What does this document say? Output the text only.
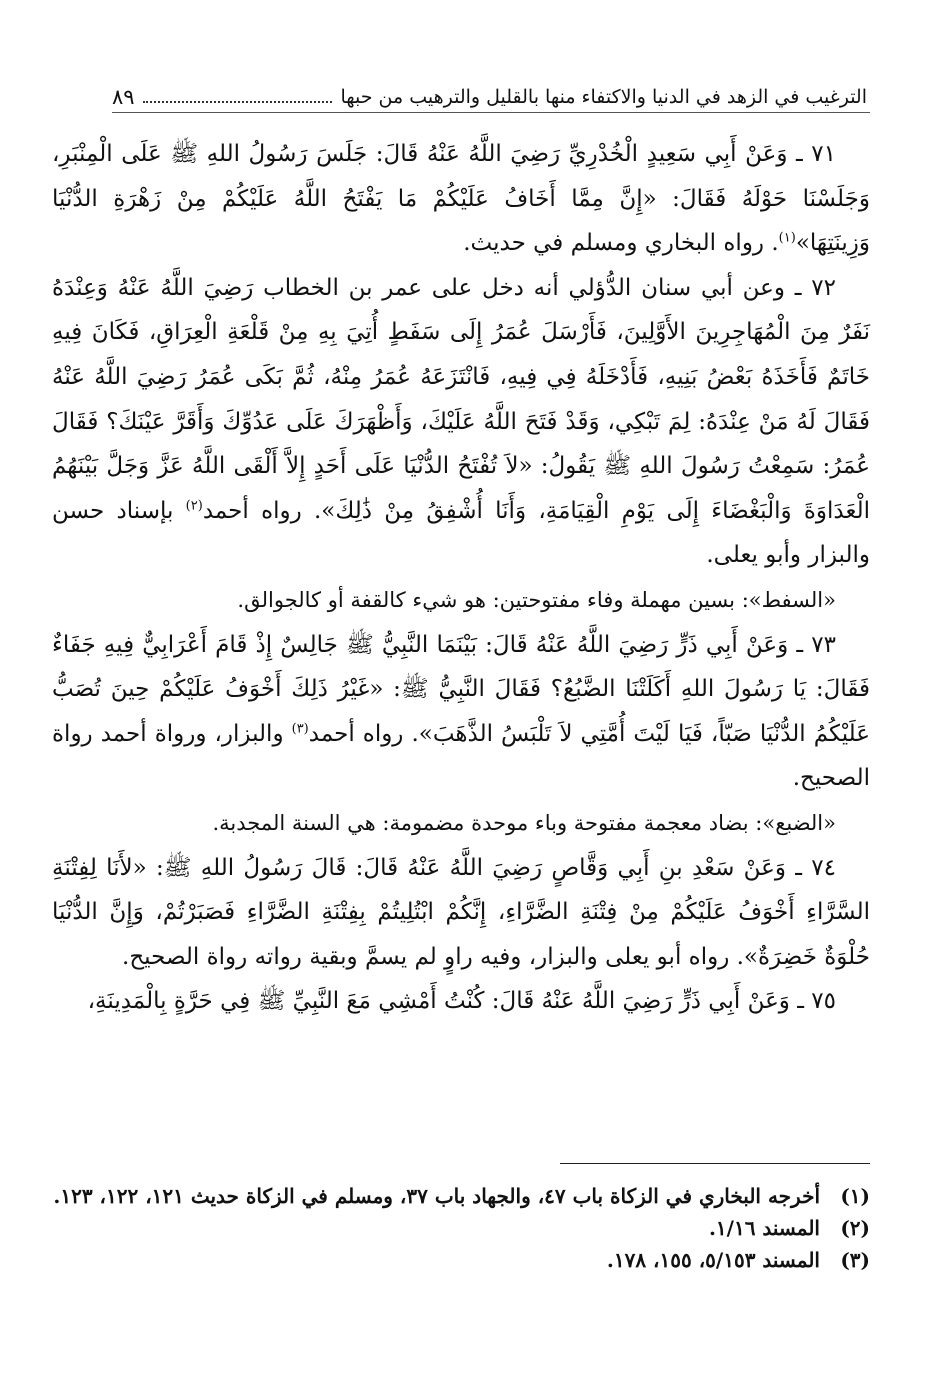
الترغيب في الزهد في الدنيا والاكتفاء منها بالقليل والترهيب من حبها
٨٩

٧١ ـ وَعَنْ أَبِي سَعِيدٍ الْخُدْرِيِّ رَضِيَ اللَّهُ عَنْهُ قَالَ: جَلَسَ رَسُولُ اللهِ ﷺ عَلَى الْمِنْبَرِ، وَجَلَسْنَا حَوْلَهُ فَقَالَ: «إِنَّ مِمَّا أَخَافُ عَلَيْكُمْ مَا يَفْتَحُ اللَّهُ عَلَيْكُمْ مِنْ زَهْرَةِ الدُّنْيَا وَزِينَتِهَا»$^{(١)}$. رواه البخاري ومسلم في حديث.

٧٢ ـ وعن أبي سنان الدُّؤلي أنه دخل على عمر بن الخطاب رَضِيَ اللَّهُ عَنْهُ وَعِنْدَهُ نَفَرٌ مِنَ الْمُهَاجِرِينَ الأَوَّلِينَ، فَأَرْسَلَ عُمَرُ إِلَى سَفَطٍ أُتِيَ بِهِ مِنْ قَلْعَةِ الْعِرَاقِ، فَكَانَ فِيهِ خَاتَمٌ فَأَخَذَهُ بَعْضُ بَنِيهِ، فَأَدْخَلَهُ فِي فِيهِ، فَانْتَزَعَهُ عُمَرُ مِنْهُ، ثُمَّ بَكَى عُمَرُ رَضِيَ اللَّهُ عَنْهُ فَقَالَ لَهُ مَنْ عِنْدَهُ: لِمَ تَبْكِي، وَقَدْ فَتَحَ اللَّهُ عَلَيْكَ، وَأَظْهَرَكَ عَلَى عَدُوِّكَ وَأَقَرَّ عَيْنَكَ؟ فَقَالَ عُمَرُ: سَمِعْتُ رَسُولَ اللهِ ﷺ يَقُولُ: «لاَ تُفْتَحُ الدُّنْيَا عَلَى أَحَدٍ إِلاَّ أَلْقَى اللَّهُ عَزَّ وَجَلَّ بَيْنَهُمُ الْعَدَاوَةَ وَالْبَغْضَاءَ إِلَى يَوْمِ الْقِيَامَةِ، وَأَنَا أُشْفِقُ مِنْ ذَٰلِكَ». رواه أحمد$^{(٢)}$ بإسناد حسن والبزار وأبو يعلى.

«السفط»: بسين مهملة وفاء مفتوحتين: هو شيء كالقفة أو كالجوالق.

٧٣ ـ وَعَنْ أَبِي ذَرٍّ رَضِيَ اللَّهُ عَنْهُ قَالَ: بَيْنَمَا النَّبِيُّ ﷺ جَالِسٌ إِذْ قَامَ أَعْرَابِيٌّ فِيهِ جَفَاءٌ فَقَالَ: يَا رَسُولَ اللهِ أَكَلَتْنَا الضَّبُعُ؟ فَقَالَ النَّبِيُّ ﷺ: «غَيْرُ ذَلِكَ أَخْوَفُ عَلَيْكُمْ حِينَ تُصَبُّ عَلَيْكُمُ الدُّنْيَا صَبّاً، فَيَا لَيْتَ أُمَّتِي لاَ تَلْبَسُ الذَّهَبَ». رواه أحمد$^{(٣)}$ والبزار، ورواة أحمد رواة الصحيح.

«الضبع»: بضاد معجمة مفتوحة وباء موحدة مضمومة: هي السنة المجدبة.

٧٤ ـ وَعَنْ سَعْدِ بنِ أَبِي وَقَّاصٍ رَضِيَ اللَّهُ عَنْهُ قَالَ: قَالَ رَسُولُ اللهِ ﷺ: «لأَنَا لِفِتْنَةِ السَّرَّاءِ أَخْوَفُ عَلَيْكُمْ مِنْ فِتْنَةِ الضَّرَّاءِ، إِنَّكُمْ ابْتُلِيتُمْ بِفِتْنَةِ الضَّرَّاءِ فَصَبَرْتُمْ، وَإِنَّ الدُّنْيَا حُلْوَةٌ خَضِرَةٌ». رواه أبو يعلى والبزار، وفيه راوٍ لم يسمَّ وبقية رواته رواة الصحيح.

٧٥ ـ وَعَنْ أَبِي ذَرٍّ رَضِيَ اللَّهُ عَنْهُ قَالَ: كُنْتُ أَمْشِي مَعَ النَّبِيِّ ﷺ فِي حَرَّةٍ بِالْمَدِينَةِ،

(١)
أخرجه البخاري في الزكاة باب ٤٧، والجهاد باب ٣٧، ومسلم في الزكاة حديث ١٢١، ١٢٢، ١٢٣.
(٢)
المسند ١/١٦.
(٣)
المسند ٥/١٥٣، ١٥٥، ١٧٨.
